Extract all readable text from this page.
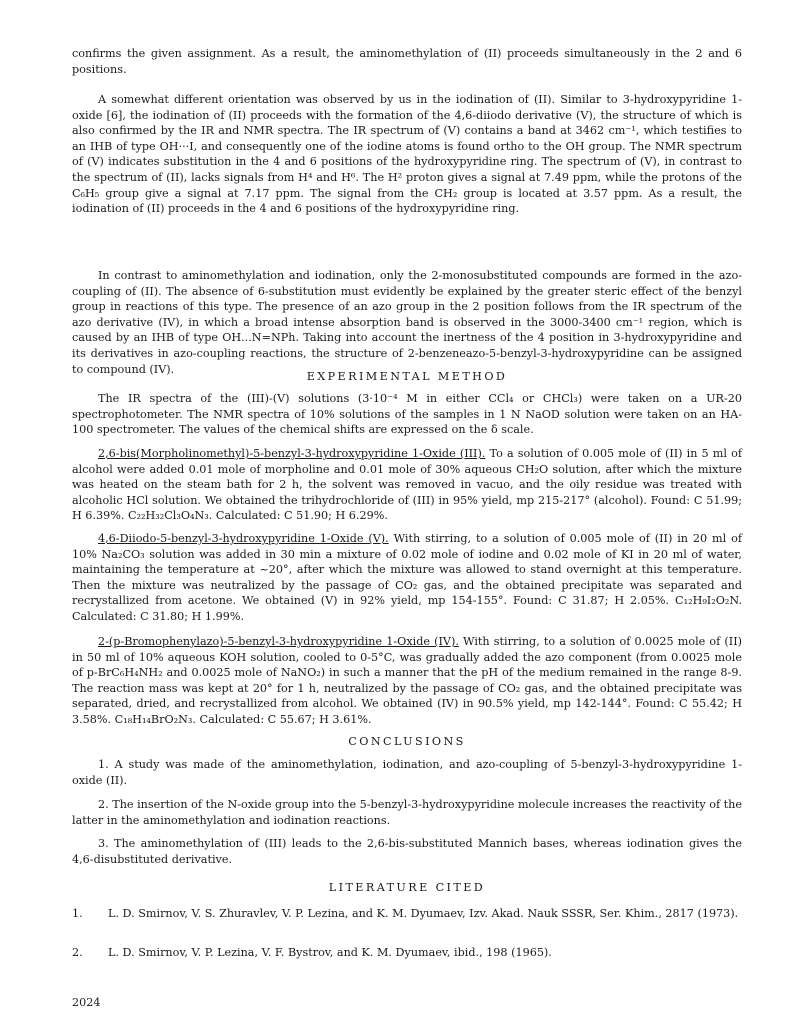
confirms the given assignment. As a result, the aminomethylation of (II) proceeds simultaneously in the 2 and 6 positions.

A somewhat different orientation was observed by us in the iodination of (II). Similar to 3-hydroxypyridine 1-oxide [6], the iodination of (II) proceeds with the formation of the 4,6-diiodo derivative (V), the structure of which is also confirmed by the IR and NMR spectra. The IR spectrum of (V) contains a band at 3462 cm⁻¹, which testifies to an IHB of type OH···I, and consequently one of the iodine atoms is found ortho to the OH group. The NMR spectrum of (V) indicates substitution in the 4 and 6 positions of the hydroxypyridine ring. The spectrum of (V), in contrast to the spectrum of (II), lacks signals from H⁴ and H⁶. The H² proton gives a signal at 7.49 ppm, while the protons of the C₆H₅ group give a signal at 7.17 ppm. The signal from the CH₂ group is located at 3.57 ppm. As a result, the iodination of (II) proceeds in the 4 and 6 positions of the hydroxypyridine ring.

In contrast to aminomethylation and iodination, only the 2-monosubstituted compounds are formed in the azo-coupling of (II). The absence of 6-substitution must evidently be explained by the greater steric effect of the benzyl group in reactions of this type. The presence of an azo group in the 2 position follows from the IR spectrum of the azo derivative (IV), in which a broad intense absorption band is observed in the 3000-3400 cm⁻¹ region, which is caused by an IHB of type OH...N=NPh. Taking into account the inertness of the 4 position in 3-hydroxypyridine and its derivatives in azo-coupling reactions, the structure of 2-benzeneazo-5-benzyl-3-hydroxypyridine can be assigned to compound (IV).

EXPERIMENTAL METHOD

The IR spectra of the (III)-(V) solutions (3·10⁻⁴ M in either CCl₄ or CHCl₃) were taken on a UR-20 spectrophotometer. The NMR spectra of 10% solutions of the samples in 1 N NaOD solution were taken on an HA-100 spectrometer. The values of the chemical shifts are expressed on the δ scale.

2,6-bis(Morpholinomethyl)-5-benzyl-3-hydroxypyridine 1-Oxide (III). To a solution of 0.005 mole of (II) in 5 ml of alcohol were added 0.01 mole of morpholine and 0.01 mole of 30% aqueous CH₂O solution, after which the mixture was heated on the steam bath for 2 h, the solvent was removed in vacuo, and the oily residue was treated with alcoholic HCl solution. We obtained the trihydrochloride of (III) in 95% yield, mp 215-217° (alcohol). Found: C 51.99; H 6.39%. C₂₂H₃₂Cl₃O₄N₃. Calculated: C 51.90; H 6.29%.

4,6-Diiodo-5-benzyl-3-hydroxypyridine 1-Oxide (V). With stirring, to a solution of 0.005 mole of (II) in 20 ml of 10% Na₂CO₃ solution was added in 30 min a mixture of 0.02 mole of iodine and 0.02 mole of KI in 20 ml of water, maintaining the temperature at ~20°, after which the mixture was allowed to stand overnight at this temperature. Then the mixture was neutralized by the passage of CO₂ gas, and the obtained precipitate was separated and recrystallized from acetone. We obtained (V) in 92% yield, mp 154-155°. Found: C 31.87; H 2.05%. C₁₂H₉I₂O₂N. Calculated: C 31.80; H 1.99%.

2-(p-Bromophenylazo)-5-benzyl-3-hydroxypyridine 1-Oxide (IV). With stirring, to a solution of 0.0025 mole of (II) in 50 ml of 10% aqueous KOH solution, cooled to 0-5°C, was gradually added the azo component (from 0.0025 mole of p-BrC₆H₄NH₂ and 0.0025 mole of NaNO₂) in such a manner that the pH of the medium remained in the range 8-9. The reaction mass was kept at 20° for 1 h, neutralized by the passage of CO₂ gas, and the obtained precipitate was separated, dried, and recrystallized from alcohol. We obtained (IV) in 90.5% yield, mp 142-144°. Found: C 55.42; H 3.58%. C₁₈H₁₄BrO₂N₃. Calculated: C 55.67; H 3.61%.

CONCLUSIONS

1. A study was made of the aminomethylation, iodination, and azo-coupling of 5-benzyl-3-hydroxypyridine 1-oxide (II).

2. The insertion of the N-oxide group into the 5-benzyl-3-hydroxypyridine molecule increases the reactivity of the latter in the aminomethylation and iodination reactions.

3. The aminomethylation of (III) leads to the 2,6-bis-substituted Mannich bases, whereas iodination gives the 4,6-disubstituted derivative.

LITERATURE CITED
1. L. D. Smirnov, V. S. Zhuravlev, V. P. Lezina, and K. M. Dyumaev, Izv. Akad. Nauk SSSR, Ser. Khim., 2817 (1973).
2. L. D. Smirnov, V. P. Lezina, V. F. Bystrov, and K. M. Dyumaev, ibid., 198 (1965).
2024
